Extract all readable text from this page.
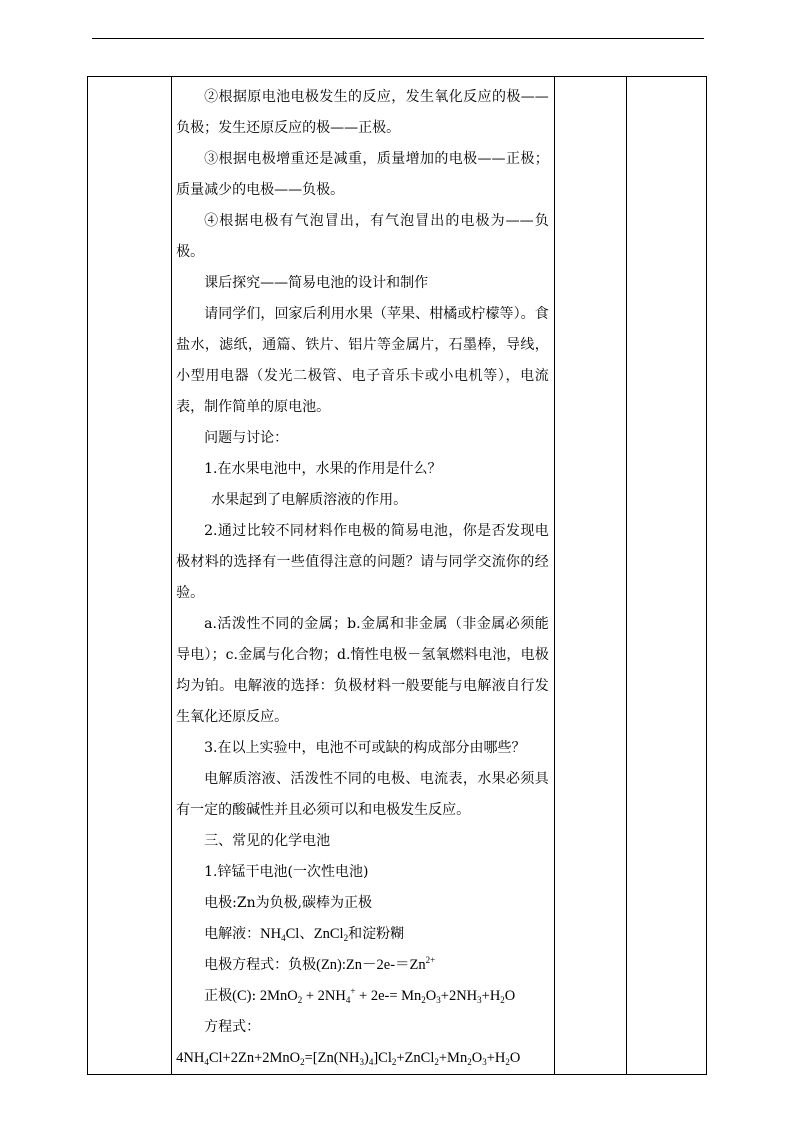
②根据原电池电极发生的反应，发生氧化反应的极——负极；发生还原反应的极——正极。

③根据电极增重还是减重，质量增加的电极——正极；质量减少的电极——负极。

④根据电极有气泡冒出，有气泡冒出的电极为——负极。

课后探究——简易电池的设计和制作

请同学们，回家后利用水果（苹果、柑橘或柠檬等）。食盐水，滤纸，通篇、铁片、铝片等金属片，石墨棒，导线，小型用电器（发光二极管、电子音乐卡或小电机等），电流表，制作简单的原电池。

问题与讨论：

1.在水果电池中，水果的作用是什么？

水果起到了电解质溶液的作用。

2.通过比较不同材料作电极的简易电池，你是否发现电极材料的选择有一些值得注意的问题？请与同学交流你的经验。

a.活泼性不同的金属；b.金属和非金属（非金属必须能导电）；c.金属与化合物；d.惰性电极－氢氧燃料电池，电极均为铂。电解液的选择：负极材料一般要能与电解液自行发生氧化还原反应。

3.在以上实验中，电池不可或缺的构成部分由哪些？

电解质溶液、活泼性不同的电极、电流表，水果必须具有一定的酸碱性并且必须可以和电极发生反应。

三、常见的化学电池

1.锌锰干电池(一次性电池)

电极:Zn为负极,碳棒为正极

电解液：$NH_4Cl$、ZnCl$_2$和淀粉糊

电极方程式：负极$(Zn):Zn-2e-=Zn^{2+}$

正极(C): $2MnO_2 + 2NH_4^+ + 2e-= Mn_2O_3+2NH_3+H_2O$

方程式：

$4NH_4Cl+2Zn+2MnO_2=[Zn(NH_3)_4]Cl_2+ZnCl_2+Mn_2O_3+H_2O$
